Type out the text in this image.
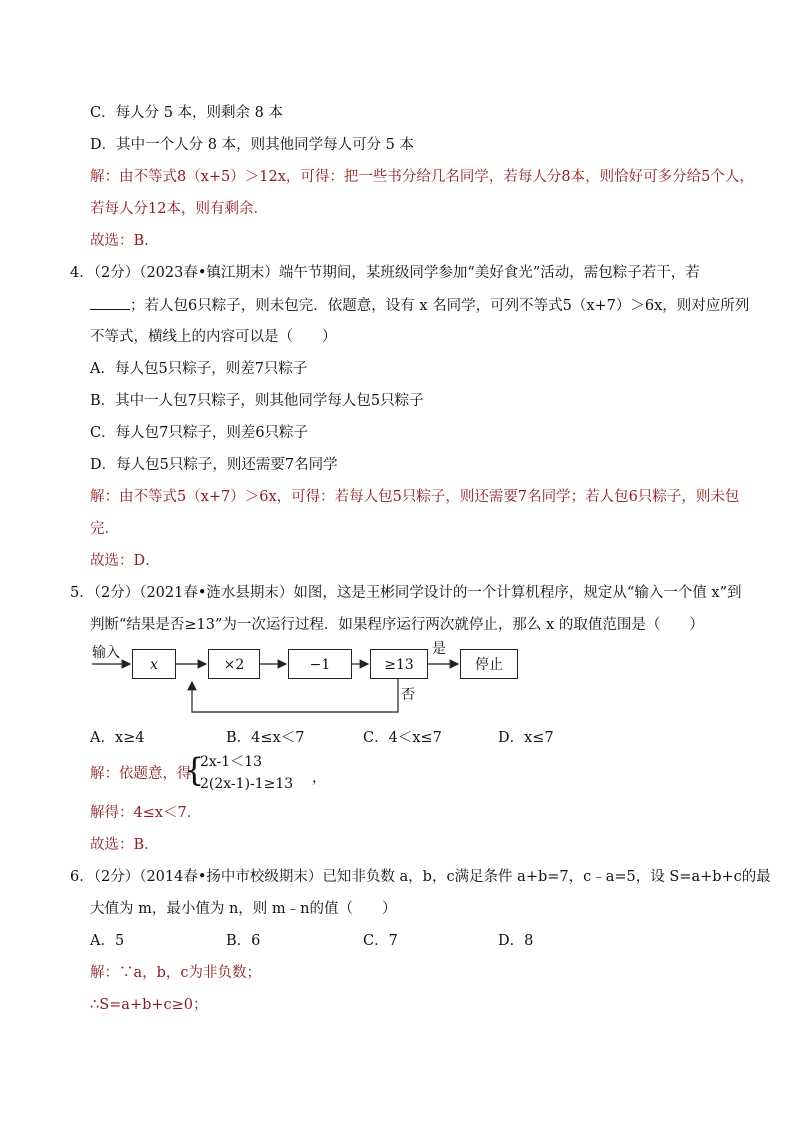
C．每人分 5 本，则剩余 8 本
D．其中一个人分 8 本，则其他同学每人可分 5 本
解：由不等式8（x+5）＞12x，可得：把一些书分给几名同学，若每人分8本，则恰好可多分给5个人，
若每人分12本，则有剩余．
故选：B．
4．（2分）（2023春•镇江期末）端午节期间，某班级同学参加“美好食光”活动，需包粽子若干，若
；若人包6只粽子，则未包完．依题意，设有 x 名同学，可列不等式5（x+7）＞6x，则对应所列
不等式，横线上的内容可以是（　　）
A．每人包5只粽子，则差7只粽子
B．其中一人包7只粽子，则其他同学每人包5只粽子
C．每人包7只粽子，则差6只粽子
D．每人包5只粽子，则还需要7名同学
解：由不等式5（x+7）＞6x，可得：若每人包5只粽子，则还需要7名同学；若人包6只粽子，则未包
完．
故选：D．
5．（2分）（2021春•涟水县期末）如图，这是王彬同学设计的一个计算机程序，规定从“输入一个值 x”到
判断“结果是否≥13”为一次运行过程．如果程序运行两次就停止，那么 x 的取值范围是（　　）
输入
x	×2	−1	≥13
是
停止
否
A．x≥4	B．4≤x＜7	C．4＜x≤7	D．x≤7
解：依题意，得
{
2x-1＜13
2(2x-1)-1≥13 ，
解得：4≤x＜7．
故选：B．
6．（2分）（2014春•扬中市校级期末）已知非负数 a，b，c满足条件 a+b=7，c﹣a=5，设 S=a+b+c的最
大值为 m，最小值为 n，则 m﹣n的值（　　）
A．5	B．6	C．7	D．8
解：∵a，b，c为非负数；
∴S=a+b+c≥0；
